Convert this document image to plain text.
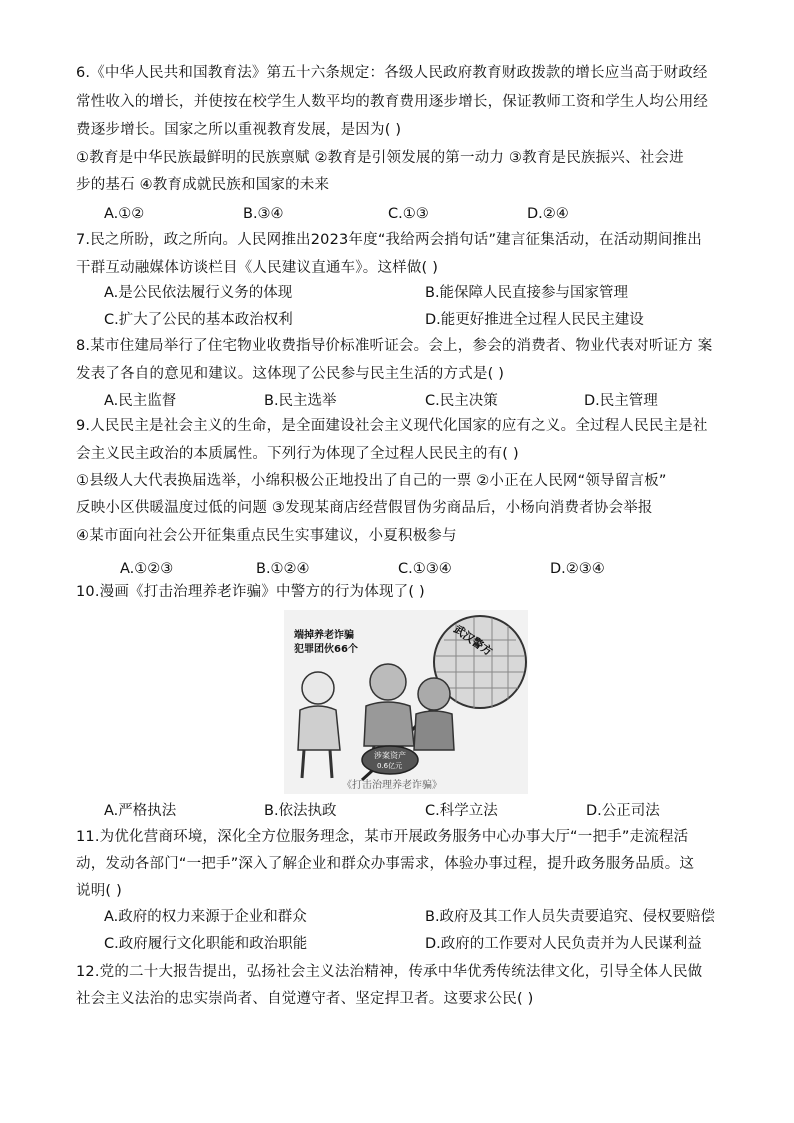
6.《中华人民共和国教育法》第五十六条规定：各级人民政府教育财政拨款的增长应当高于财政经
常性收入的增长，并使按在校学生人数平均的教育费用逐步增长，保证教师工资和学生人均公用经
费逐步增长。国家之所以重视教育发展，是因为( )
①教育是中华民族最鲜明的民族禀赋 ②教育是引领发展的第一动力 ③教育是民族振兴、社会进
步的基石 ④教育成就民族和国家的未来
A.①②	B.③④	C.①③	D.②④
7.民之所盼，政之所向。人民网推出2023年度“我给两会捎句话”建言征集活动，在活动期间推出
干群互动融媒体访谈栏目《人民建议直通车》。这样做( )
A.是公民依法履行义务的体现	B.能保障人民直接参与国家管理
C.扩大了公民的基本政治权利	D.能更好推进全过程人民民主建设
8.某市住建局举行了住宅物业收费指导价标准听证会。会上，参会的消费者、物业代表对听证方 案
发表了各自的意见和建议。这体现了公民参与民主生活的方式是( )
A.民主监督	B.民主选举	C.民主决策	D.民主管理
9.人民民主是社会主义的生命，是全面建设社会主义现代化国家的应有之义。全过程人民民主是社
会主义民主政治的本质属性。下列行为体现了全过程人民民主的有( )
①县级人大代表换届选举，小绵积极公正地投出了自己的一票 ②小正在人民网“领导留言板”
反映小区供暖温度过低的问题 ③发现某商店经营假冒伪劣商品后，小杨向消费者协会举报
④某市面向社会公开征集重点民生实事建议，小夏积极参与
A.①②③	B.①②④	C.①③④	D.②③④
10.漫画《打击治理养老诈骗》中警方的行为体现了( )
武汉警方
端掉养老诈骗
犯罪团伙66个
涉案资产
0.6亿元
《打击治理养老诈骗》
A.严格执法	B.依法执政	C.科学立法	D.公正司法
11.为优化营商环境，深化全方位服务理念，某市开展政务服务中心办事大厅“一把手”走流程活
动，发动各部门“一把手”深入了解企业和群众办事需求，体验办事过程，提升政务服务品质。这
说明( )
A.政府的权力来源于企业和群众	B.政府及其工作人员失责要追究、侵权要赔偿
C.政府履行文化职能和政治职能	D.政府的工作要对人民负责并为人民谋利益
12.党的二十大报告提出，弘扬社会主义法治精神，传承中华优秀传统法律文化，引导全体人民做
社会主义法治的忠实崇尚者、自觉遵守者、坚定捍卫者。这要求公民( )
